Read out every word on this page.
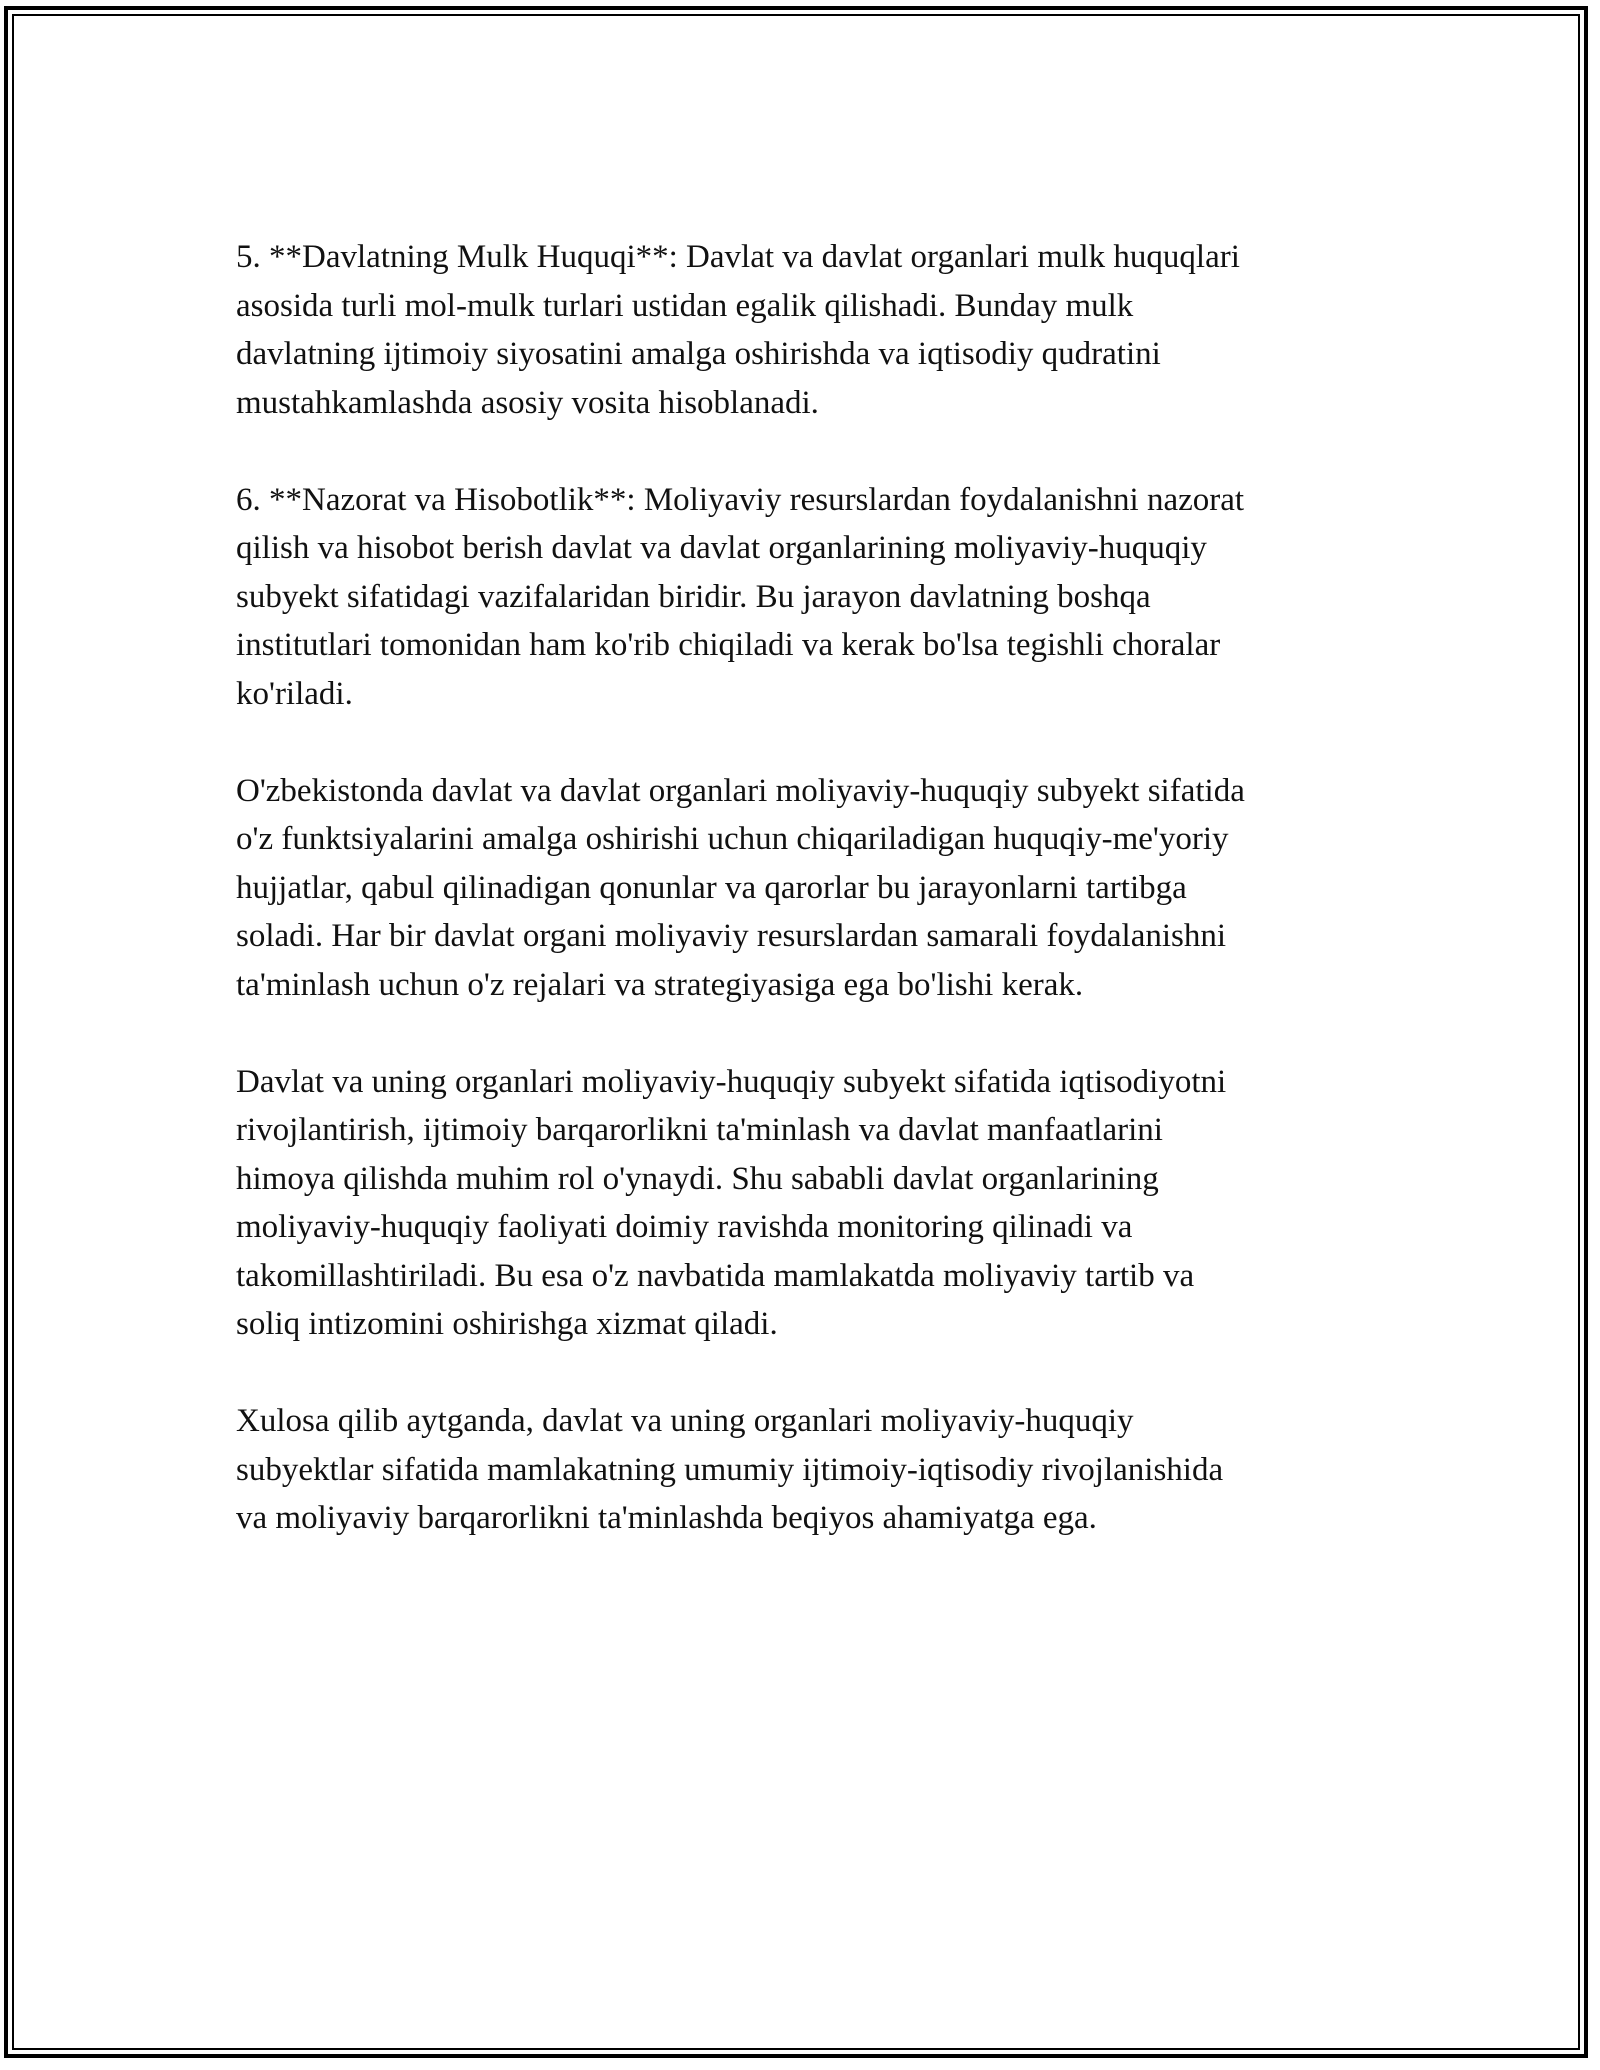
5. **Davlatning Mulk Huquqi**: Davlat va davlat organlari mulk huquqlari
asosida turli mol-mulk turlari ustidan egalik qilishadi. Bunday mulk
davlatning ijtimoiy siyosatini amalga oshirishda va iqtisodiy qudratini
mustahkamlashda asosiy vosita hisoblanadi.

6. **Nazorat va Hisobotlik**: Moliyaviy resurslardan foydalanishni nazorat
qilish va hisobot berish davlat va davlat organlarining moliyaviy-huquqiy
subyekt sifatidagi vazifalaridan biridir. Bu jarayon davlatning boshqa
institutlari tomonidan ham ko'rib chiqiladi va kerak bo'lsa tegishli choralar
ko'riladi.

O'zbekistonda davlat va davlat organlari moliyaviy-huquqiy subyekt sifatida
o'z funktsiyalarini amalga oshirishi uchun chiqariladigan huquqiy-me'yoriy
hujjatlar, qabul qilinadigan qonunlar va qarorlar bu jarayonlarni tartibga
soladi. Har bir davlat organi moliyaviy resurslardan samarali foydalanishni
ta'minlash uchun o'z rejalari va strategiyasiga ega bo'lishi kerak.

Davlat va uning organlari moliyaviy-huquqiy subyekt sifatida iqtisodiyotni
rivojlantirish, ijtimoiy barqarorlikni ta'minlash va davlat manfaatlarini
himoya qilishda muhim rol o'ynaydi. Shu sababli davlat organlarining
moliyaviy-huquqiy faoliyati doimiy ravishda monitoring qilinadi va
takomillashtiriladi. Bu esa o'z navbatida mamlakatda moliyaviy tartib va
soliq intizomini oshirishga xizmat qiladi.

Xulosa qilib aytganda, davlat va uning organlari moliyaviy-huquqiy
subyektlar sifatida mamlakatning umumiy ijtimoiy-iqtisodiy rivojlanishida
va moliyaviy barqarorlikni ta'minlashda beqiyos ahamiyatga ega.
